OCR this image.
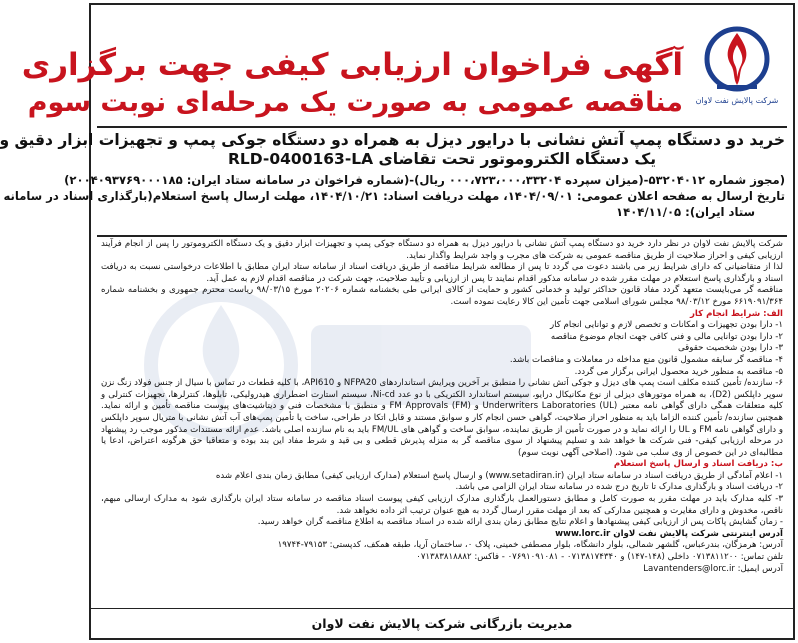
شرکت پالایش نفت لاوان
آگهی فراخوان ارزیابی کیفی جهت برگزاری
مناقصه عمومی به صورت یک مرحله‌ای نوبت سوم
خرید دو دستگاه پمپ آتش نشانی با درایور دیزل به همراه دو دستگاه جوکی پمپ و تجهیزات ابزار دقیق و
یک دستگاه الکتروموتور تحت تقاضای RLD-0400163-LA
(مجوز شماره ۵۳۲۰۴۰۱۲-(میزان سپرده ۰۰۰،۷۲۳،۰۰۰،۳۳۲۰۴ ریال)-(شماره فراخوان در سامانه ستاد ایران: ۲۰۰۴۰۹۳۷۶۹۰۰۰۱۸۵)
تاریخ ارسال به صفحه اعلان عمومی: ۱۴۰۴/۰۹/۰۱، مهلت دریافت اسناد: ۱۴۰۴/۱۰/۲۱، مهلت ارسال پاسخ استعلام(بارگذاری اسناد در سامانه
ستاد ایران): ۱۴۰۴/۱۱/۰۵

شرکت پالایش نفت لاوان در نظر دارد خرید دو دستگاه پمپ آتش نشانی با درایور دیزل به همراه دو دستگاه جوکی پمپ و تجهیزات ابزار دقیق و یک دستگاه الکتروموتور را پس از انجام فرآیند ارزیابی کیفی و احراز صلاحیت از طریق مناقصه عمومی به شرکت های مجرب و واجد شرایط واگذار نماید.

لذا از متقاضیانی که دارای شرایط زیر می باشند دعوت می گردد تا پس از مطالعه شرایط مناقصه از طریق دریافت اسناد از سامانه ستاد ایران مطابق با اطلاعات درخواستی نسبت به دریافت اسناد و بارگذاری پاسخ استعلام در مهلت مقرر شده در سامانه مذکور اقدام نمایند تا پس از ارزیابی و تأیید صلاحیت، جهت شرکت در مناقصه اقدام لازم به عمل آید.

مناقصه گر می‌بایست متعهد گردد مفاد قانون حداکثر تولید و خدماتی کشور و حمایت از کالای ایرانی طی بخشنامه شماره ۲۰۲۰۶ مورخ ۹۸/۰۳/۱۵ ریاست محترم جمهوری و بخشنامه شماره ۶۶۱۹۰۹۱/۳۶۴ مورخ ۹۸/۰۳/۱۲ مجلس شورای اسلامی جهت تأمین این کالا رعایت نموده است.

الف: شرایط انجام کار

۱- دارا بودن تجهیزات و امکانات و تخصص لازم و توانایی انجام کار

۲- دارا بودن توانایی مالی و فنی کافی جهت انجام موضوع مناقصه

۳- دارا بودن شخصیت حقوقی

۴- مناقصه گر سابقه مشمول قانون منع مداخله در معاملات و مناقصات باشد.

۵- مناقصه به منظور خرید محصول ایرانی برگزار می گردد.

۶- سازنده/ تأمین کننده مکلف است پمپ های دیزل و جوکی آتش نشانی را منطبق بر آخرین ویرایش استانداردهای NFPA20 و API610، با کلیه قطعات در تماس با سیال از جنس فولاد زنگ نزن سوپر داپلکس (D2)، به همراه موتورهای دیزلی از نوع مکانیکال درایو، سیستم استاندارد الکتریکی با دو عدد Ni-cd، سیستم استارت اضطراری هیدرولیکی، تابلوها، کنترلرها، تجهیزات کنترلی و کلیه متعلقات همگی دارای گواهی نامه معتبر (UL) Underwriters Laboratories و FM Approvals (FM) و منطبق با مشخصات فنی و دیتاشیت‌های پیوست مناقصه تأمین و ارائه نماید. همچنین سازنده/ تأمین کننده الزاما باید به منظور احراز صلاحیت، گواهی حسن انجام کار و سوابق مستند و قابل اتکا در طراحی، ساخت یا تأمین پمپ‌های آب آتش نشانی با متریال سوپر داپلکس و دارای گواهی نامه FM و UL را ارائه نماید و در صورت تأمین از طریق نماینده، سوابق ساخت و گواهی های FM/UL باید به نام سازنده اصلی باشد. عدم ارائه مستندات مذکور موجب رد پیشنهاد در مرحله ارزیابی کیفی- فنی شرکت ها خواهد شد و تسلیم پیشنهاد از سوی مناقصه گر به منزله پذیرش قطعی و بی قید و شرط مفاد این بند بوده و متعاقبا حق هرگونه اعتراض، ادعا یا مطالبه‌ای در این خصوص از وی سلب می شود. (اصلاحی آگهی نوبت سوم)

ب: دریافت اسناد و ارسال پاسخ استعلام

۱- اعلام آمادگی از طریق دریافت اسناد در سامانه ستاد ایران (www.setadiran.ir) و ارسال پاسخ استعلام (مدارک ارزیابی کیفی) مطابق زمان بندی اعلام شده

۲- دریافت اسناد و بارگذاری مدارک تا تاریخ درج شده در سامانه ستاد ایران الزامی می باشد.

۳- کلیه مدارک باید در مهلت مقرر به صورت کامل و مطابق دستورالعمل بارگذاری مدارک ارزیابی کیفی پیوست اسناد مناقصه در سامانه ستاد ایران بارگذاری شود به مدارک ارسالی مبهم، ناقص، مخدوش و دارای مغایرت و همچنین مدارکی که بعد از مهلت مقرر ارسال گردد به هیچ عنوان ترتیب اثر داده نخواهد شد.

- زمان گشایش پاکات پس از ارزیابی کیفی پیشنهادها و اعلام نتایج مطابق زمان بندی ارائه شده در اسناد مناقصه به اطلاع مناقصه گران خواهد رسید.

آدرس اینترنتی شرکت پالایش نفت لاوان www.lorc.ir

آدرس: هرمزگان، بندرعباس، گلشهر شمالی، بلوار دانشگاه، بلوار مصطفی خمینی، پلاک ۰، ساختمان آریا، طبقه همکف، کدپستی: ۷۹۱۵۳-۱۹۷۴۴

تلفن تماس: ۰۷۱۳۸۱۱۲۰۰ داخلی (۱۴۸-۱۴۷) و ۰۷۱۳۸۱۷۴۳۴۰ - ۰۷۶۹۱۰۹۱۰۸۱ - فاکس: ۰۷۱۳۸۳۸۱۸۸۸۲

آدرس ایمیل: Lavantenders@lorc.ir

مدیریت بازرگانی شرکت پالایش نفت لاوان
